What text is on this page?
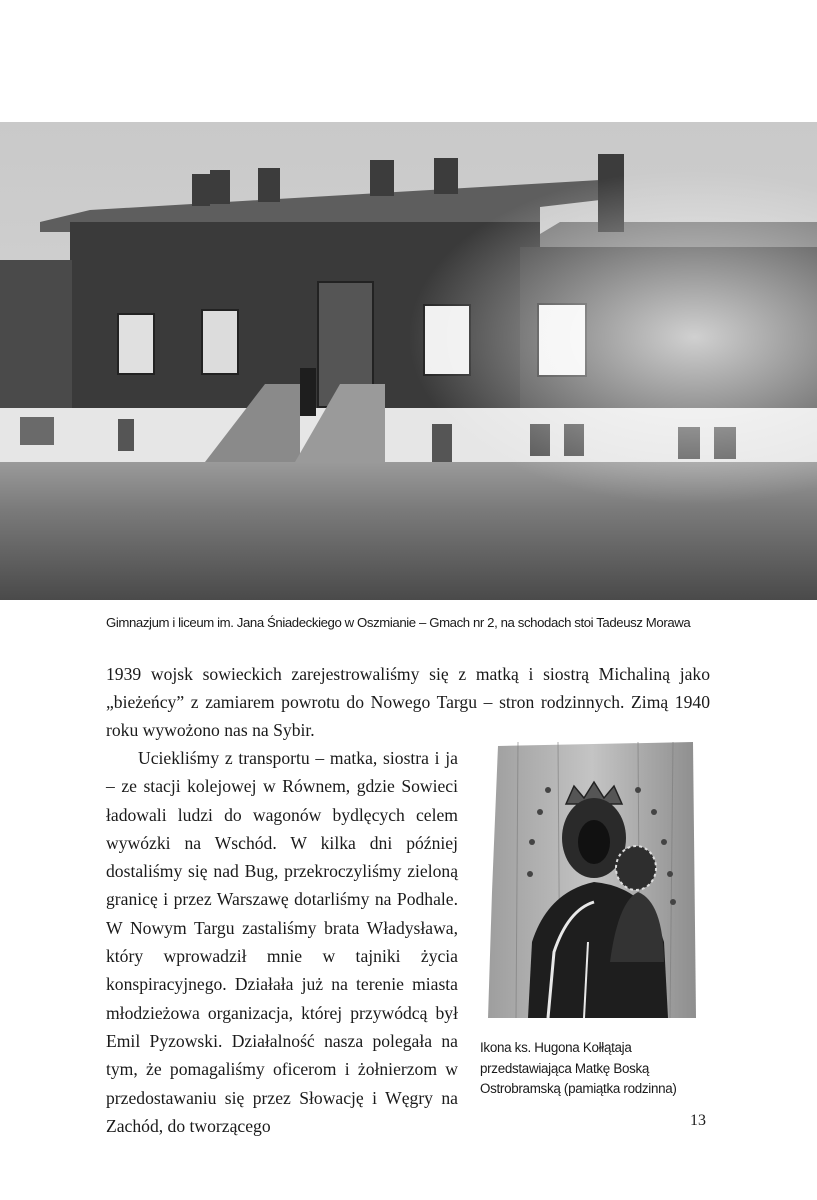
Gimnazjum i liceum im. Jana Śniadeckiego w Oszmianie – Gmach nr 2, na schodach stoi Tadeusz Morawa

1939 wojsk sowieckich zarejestrowaliśmy się z matką i siostrą Michaliną jako „bieżeńcy” z zamiarem powrotu do Nowego Targu – stron rodzinnych. Zimą 1940 roku wywożono nas na Sybir.

Uciekliśmy z transportu – matka, siostra i ja – ze stacji kolejowej w Równem, gdzie Sowieci ładowali ludzi do wagonów bydlęcych celem wywózki na Wschód. W kilka dni później dostaliśmy się nad Bug, przekroczyliśmy zieloną granicę i przez Warszawę dotarliśmy na Podhale. W Nowym Targu zastaliśmy brata Władysława, który wprowadził mnie w tajniki życia konspiracyjnego. Działała już na terenie miasta młodzieżowa organizacja, której przywódcą był Emil Pyzowski. Działalność nasza polegała na tym, że pomagaliśmy oficerom i żołnierzom w przedostawaniu się przez Słowację i Węgry na Zachód, do tworzącego

Ikona ks. Hugona Kołłątaja przedstawiająca Matkę Boską Ostrobramską (pamiątka rodzinna)
13
